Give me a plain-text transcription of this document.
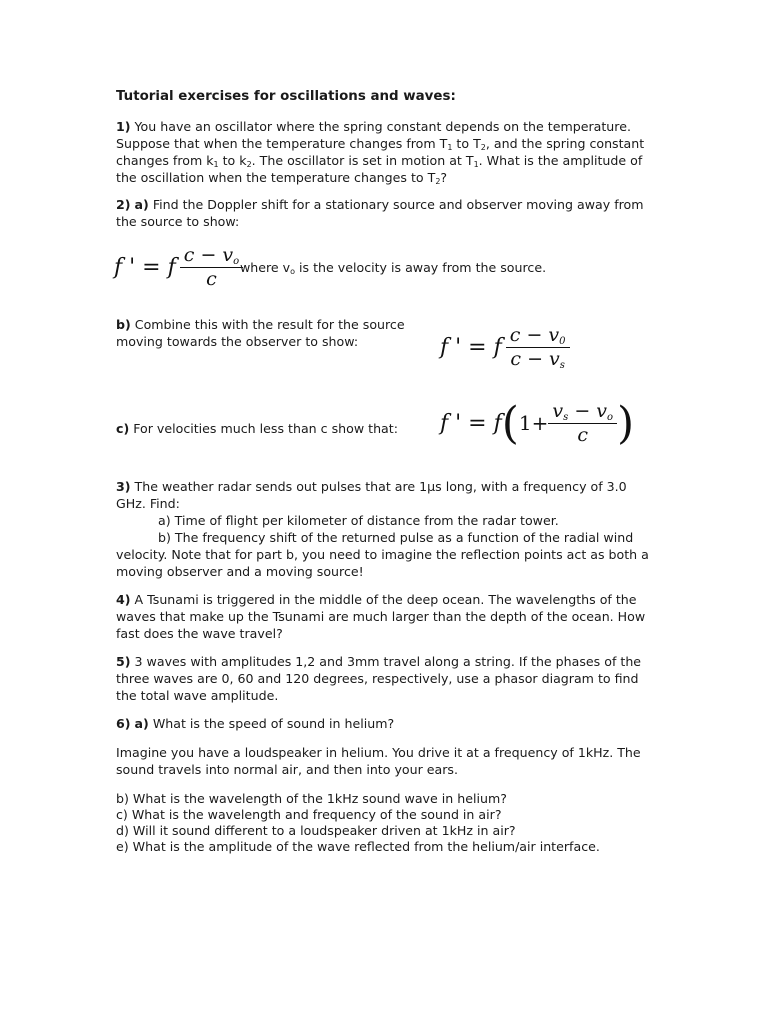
Tutorial exercises for oscillations and waves:

1) You have an oscillator where the spring constant depends on the temperature. Suppose that when the temperature changes from $T_1$ to $T_2$, and the spring constant changes from $k_1$ to $k_2$. The oscillator is set in motion at $T_1$. What is the amplitude of the oscillation when the temperature changes to $T_2$?

2) a) Find the Doppler shift for a stationary source and observer moving away from the source to show:

f ' = f $\frac{c - v_o}{c}$
where $v_o$ is the velocity is away from the source.

b) Combine this with the result for the source moving towards the observer to show:	f ' = f $\frac{c - v_0}{c - v_s}$

c) For velocities much less than c show that:	f ' = $f(1+ \frac{v_s - v_o}{c}$ )

3) The weather radar sends out pulses that are 1μs long, with a frequency of 3.0 GHz. Find:

a) Time of flight per kilometer of distance from the radar tower.

b) The frequency shift of the returned pulse as a function of the radial wind velocity. Note that for part b, you need to imagine the reflection points act as both a moving observer and a moving source!

4) A Tsunami is triggered in the middle of the deep ocean. The wavelengths of the waves that make up the Tsunami are much larger than the depth of the ocean. How fast does the wave travel?

5) 3 waves with amplitudes 1,2 and 3mm travel along a string. If the phases of the three waves are 0, 60 and 120 degrees, respectively, use a phasor diagram to find the total wave amplitude.

6) a) What is the speed of sound in helium?

Imagine you have a loudspeaker in helium. You drive it at a frequency of 1kHz. The sound travels into normal air, and then into your ears.

b) What is the wavelength of the 1kHz sound wave in helium?

c) What is the wavelength and frequency of the sound in air?

d) Will it sound different to a loudspeaker driven at 1kHz in air?

e) What is the amplitude of the wave reflected from the helium/air interface.
